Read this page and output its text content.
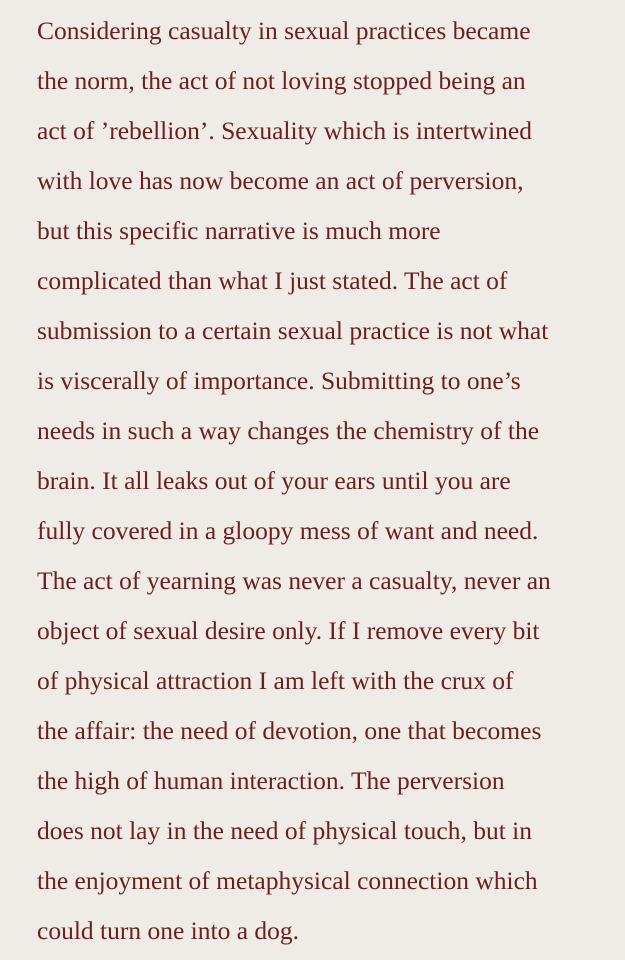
Considering casualty in sexual practices became
the norm, the act of not loving stopped being an
act of ’rebellion’. Sexuality which is intertwined
with love has now become an act of perversion,
but this specific narrative is much more
complicated than what I just stated. The act of
submission to a certain sexual practice is not what
is viscerally of importance. Submitting to one’s
needs in such a way changes the chemistry of the
brain. It all leaks out of your ears until you are
fully covered in a gloopy mess of want and need.
The act of yearning was never a casualty, never an
object of sexual desire only. If I remove every bit
of physical attraction I am left with the crux of
the affair: the need of devotion, one that becomes
the high of human interaction. The perversion
does not lay in the need of physical touch, but in
the enjoyment of metaphysical connection which
could turn one into a dog.
